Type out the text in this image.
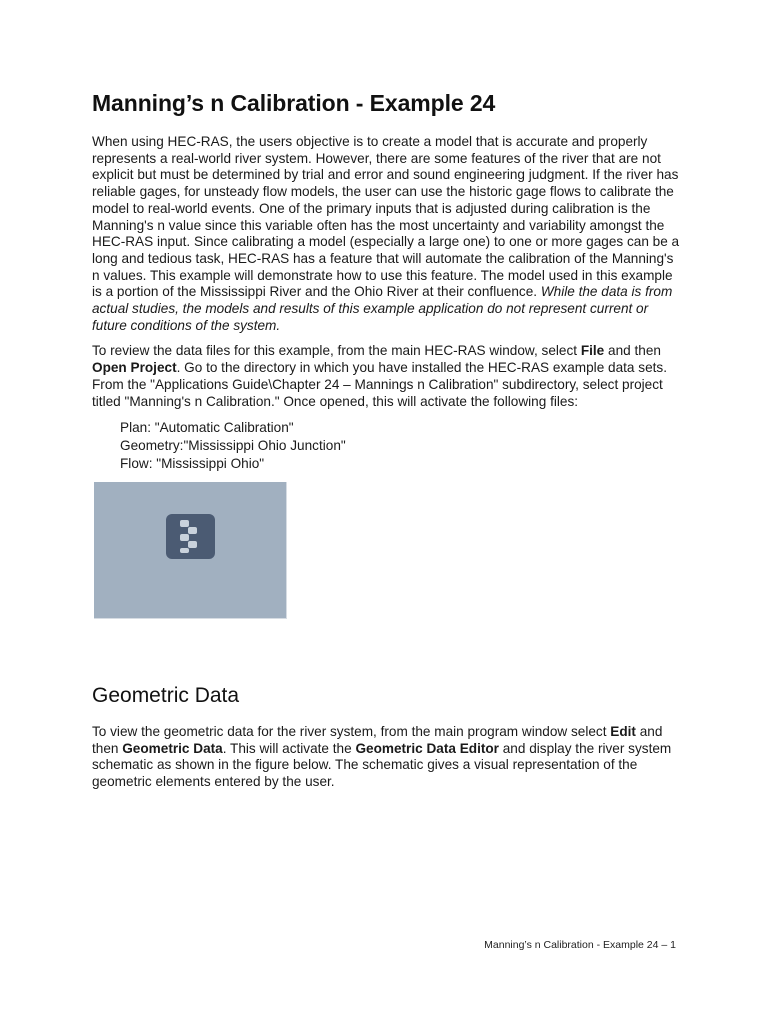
Manning’s n Calibration - Example 24

When using HEC-RAS, the users objective is to create a model that is accurate and properly represents a real-world river system. However, there are some features of the river that are not explicit but must be determined by trial and error and sound engineering judgment. If the river has reliable gages, for unsteady flow models, the user can use the historic gage flows to calibrate the model to real-world events. One of the primary inputs that is adjusted during calibration is the Manning's n value since this variable often has the most uncertainty and variability amongst the HEC-RAS input. Since calibrating a model (especially a large one) to one or more gages can be a long and tedious task, HEC-RAS has a feature that will automate the calibration of the Manning's n values. This example will demonstrate how to use this feature. The model used in this example is a portion of the Mississippi River and the Ohio River at their confluence. While the data is from actual studies, the models and results of this example application do not represent current or future conditions of the system.

To review the data files for this example, from the main HEC-RAS window, select File and then Open Project. Go to the directory in which you have installed the HEC-RAS example data sets. From the "Applications Guide\Chapter 24 – Mannings n Calibration" subdirectory, select project titled "Manning's n Calibration." Once opened, this will activate the following files:

Plan: "Automatic Calibration"
Geometry:"Mississippi Ohio Junction"
Flow: "Mississippi Ohio"
Geometric Data

To view the geometric data for the river system, from the main program window select Edit and then Geometric Data. This will activate the Geometric Data Editor and display the river system schematic as shown in the figure below. The schematic gives a visual representation of the geometric elements entered by the user.

Manning’s n Calibration - Example 24 – 1
